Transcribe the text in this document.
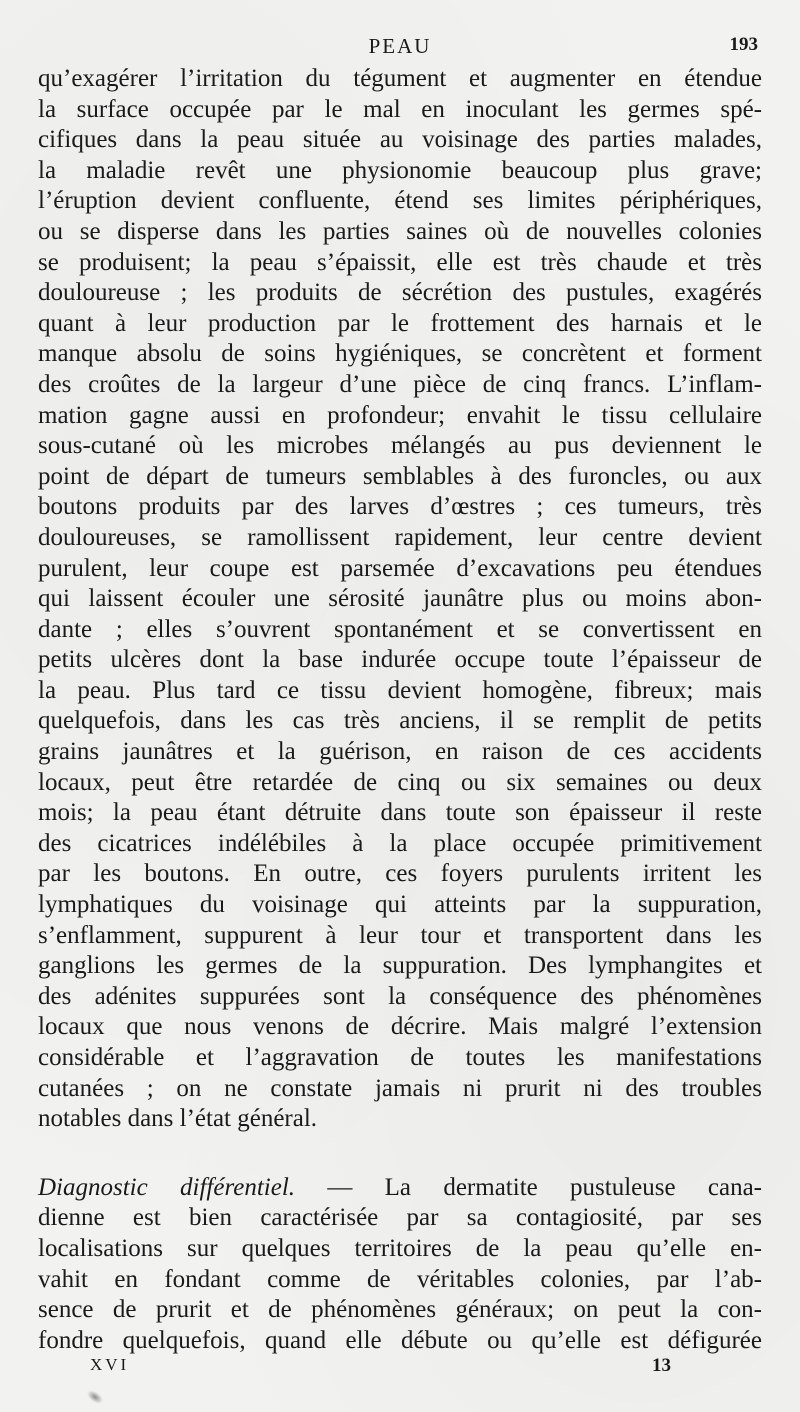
PEAU	193
qu’exagérer l’irritation du tégument et augmenter en étendue
la surface occupée par le mal en inoculant les germes spé-
cifiques dans la peau située au voisinage des parties malades,
la maladie revêt une physionomie beaucoup plus grave;
l’éruption devient confluente, étend ses limites périphériques,
ou se disperse dans les parties saines où de nouvelles colonies
se produisent; la peau s’épaissit, elle est très chaude et très
douloureuse ; les produits de sécrétion des pustules, exagérés
quant à leur production par le frottement des harnais et le
manque absolu de soins hygiéniques, se concrètent et forment
des croûtes de la largeur d’une pièce de cinq francs. L’inflam-
mation gagne aussi en profondeur; envahit le tissu cellulaire
sous-cutané où les microbes mélangés au pus deviennent le
point de départ de tumeurs semblables à des furoncles, ou aux
boutons produits par des larves d’œstres ; ces tumeurs, très
douloureuses, se ramollissent rapidement, leur centre devient
purulent, leur coupe est parsemée d’excavations peu étendues
qui laissent écouler une sérosité jaunâtre plus ou moins abon-
dante ; elles s’ouvrent spontanément et se convertissent en
petits ulcères dont la base indurée occupe toute l’épaisseur de
la peau. Plus tard ce tissu devient homogène, fibreux; mais
quelquefois, dans les cas très anciens, il se remplit de petits
grains jaunâtres et la guérison, en raison de ces accidents
locaux, peut être retardée de cinq ou six semaines ou deux
mois; la peau étant détruite dans toute son épaisseur il reste
des cicatrices indélébiles à la place occupée primitivement
par les boutons. En outre, ces foyers purulents irritent les
lymphatiques du voisinage qui atteints par la suppuration,
s’enflamment, suppurent à leur tour et transportent dans les
ganglions les germes de la suppuration. Des lymphangites et
des adénites suppurées sont la conséquence des phénomènes
locaux que nous venons de décrire. Mais malgré l’extension
considérable et l’aggravation de toutes les manifestations
cutanées ; on ne constate jamais ni prurit ni des troubles
notables dans l’état général.
Diagnostic différentiel. — La dermatite pustuleuse cana-
dienne est bien caractérisée par sa contagiosité, par ses
localisations sur quelques territoires de la peau qu’elle en-
vahit en fondant comme de véritables colonies, par l’ab-
sence de prurit et de phénomènes généraux; on peut la con-
fondre quelquefois, quand elle débute ou qu’elle est défigurée
XVI	13
